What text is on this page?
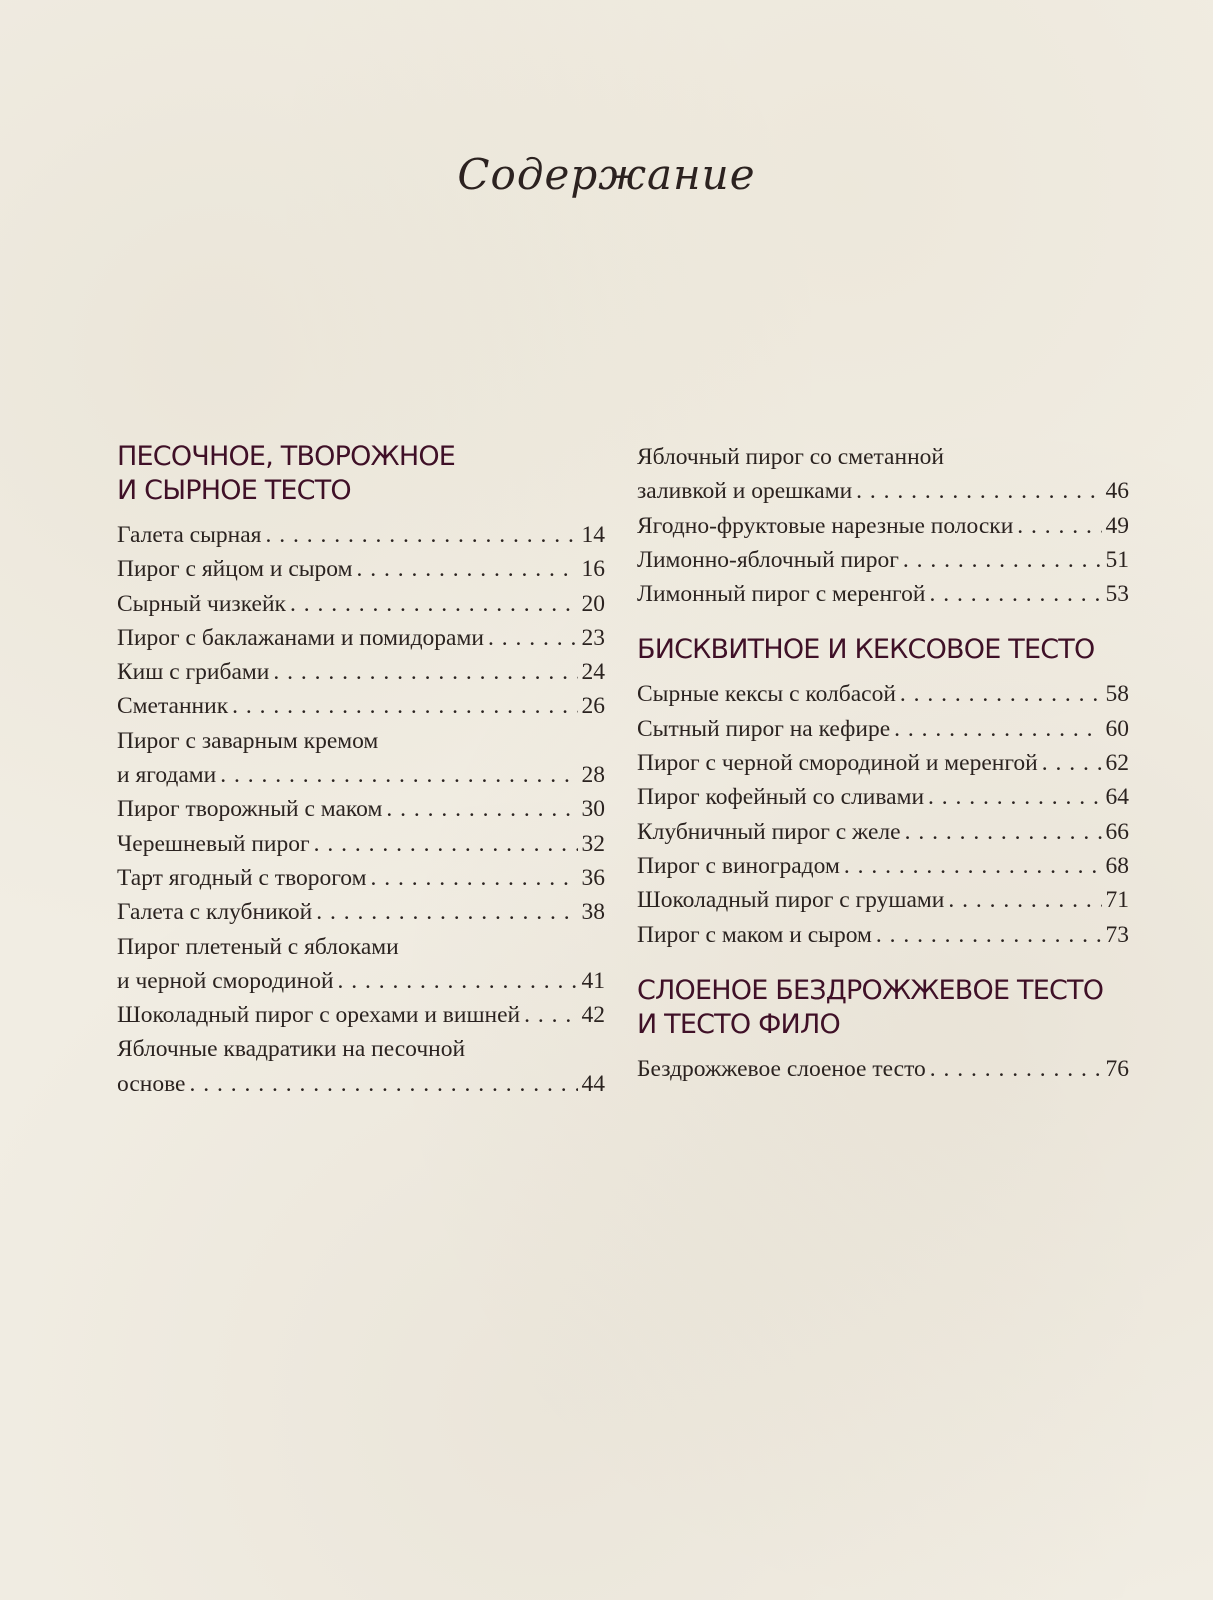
Содержание
ПЕСОЧНОЕ, ТВОРОЖНОЕ
И СЫРНОЕ ТЕСТО
Галета сырная . . .	14
Пирог с яйцом и сыром . . .	16
Сырный чизкейк . . .	20
Пирог с баклажанами и помидорами . . .	23
Киш с грибами . . .	24
Сметанник . . .	26
Пирог с заварным кремом
и ягодами . . .	28
Пирог творожный с маком . . .	30
Черешневый пирог . . .	32
Тарт ягодный с творогом . . .	36
Галета с клубникой . . .	38
Пирог плетеный с яблоками
и черной смородиной . . .	41
Шоколадный пирог с орехами и вишней . . .	42
Яблочные квадратики на песочной
основе . . .	44
Яблочный пирог со сметанной
заливкой и орешками . . .	46
Ягодно-фруктовые нарезные полоски . . .	49
Лимонно-яблочный пирог . . .	51
Лимонный пирог с меренгой . . .	53
БИСКВИТНОЕ И КЕКСОВОЕ ТЕСТО
Сырные кексы с колбасой . . .	58
Сытный пирог на кефире . . .	60
Пирог с черной смородиной и меренгой . . .	62
Пирог кофейный со сливами . . .	64
Клубничный пирог с желе . . .	66
Пирог с виноградом . . .	68
Шоколадный пирог с грушами . . .	71
Пирог с маком и сыром . . .	73
СЛОЕНОЕ БЕЗДРОЖЖЕВОЕ ТЕСТО
И ТЕСТО ФИЛО
Бездрожжевое слоеное тесто . . .	76
